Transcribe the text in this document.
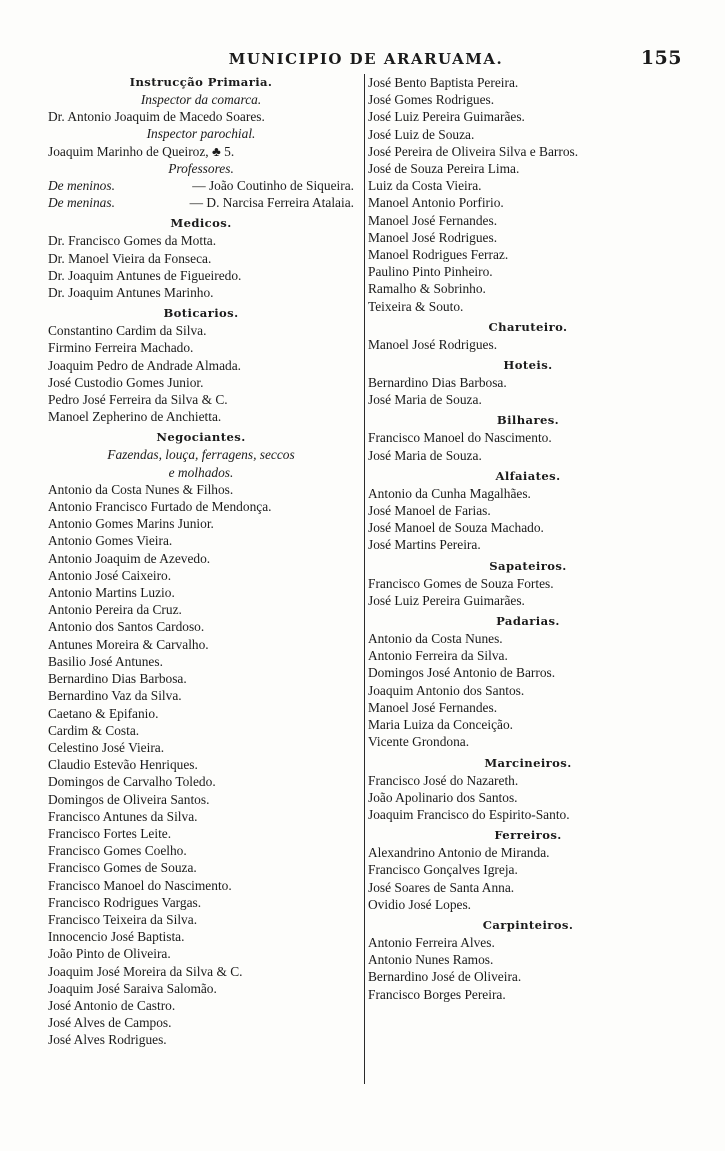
MUNICIPIO DE ARARUAMA.	155
Instrucção Primaria.
Inspector da comarca.
Dr. Antonio Joaquim de Macedo Soares.
Inspector parochial.
Joaquim Marinho de Queiroz, ♣ 5.
Professores.
De meninos.	— João Coutinho de Siqueira.
De meninas.	— D. Narcisa Ferreira Atalaia.
Medicos.
Dr. Francisco Gomes da Motta.
Dr. Manoel Vieira da Fonseca.
Dr. Joaquim Antunes de Figueiredo.
Dr. Joaquim Antunes Marinho.
Boticarios.
Constantino Cardim da Silva.
Firmino Ferreira Machado.
Joaquim Pedro de Andrade Almada.
José Custodio Gomes Junior.
Pedro José Ferreira da Silva & C.
Manoel Zepherino de Anchietta.
Negociantes.
Fazendas, louça, ferragens, seccos
e molhados.
Antonio da Costa Nunes & Filhos.
Antonio Francisco Furtado de Mendonça.
Antonio Gomes Marins Junior.
Antonio Gomes Vieira.
Antonio Joaquim de Azevedo.
Antonio José Caixeiro.
Antonio Martins Luzio.
Antonio Pereira da Cruz.
Antonio dos Santos Cardoso.
Antunes Moreira & Carvalho.
Basilio José Antunes.
Bernardino Dias Barbosa.
Bernardino Vaz da Silva.
Caetano & Epifanio.
Cardim & Costa.
Celestino José Vieira.
Claudio Estevão Henriques.
Domingos de Carvalho Toledo.
Domingos de Oliveira Santos.
Francisco Antunes da Silva.
Francisco Fortes Leite.
Francisco Gomes Coelho.
Francisco Gomes de Souza.
Francisco Manoel do Nascimento.
Francisco Rodrigues Vargas.
Francisco Teixeira da Silva.
Innocencio José Baptista.
João Pinto de Oliveira.
Joaquim José Moreira da Silva & C.
Joaquim José Saraiva Salomão.
José Antonio de Castro.
José Alves de Campos.
José Alves Rodrigues.
José Bento Baptista Pereira.
José Gomes Rodrigues.
José Luiz Pereira Guimarães.
José Luiz de Souza.
José Pereira de Oliveira Silva e Barros.
José de Souza Pereira Lima.
Luiz da Costa Vieira.
Manoel Antonio Porfirio.
Manoel José Fernandes.
Manoel José Rodrigues.
Manoel Rodrigues Ferraz.
Paulino Pinto Pinheiro.
Ramalho & Sobrinho.
Teixeira & Souto.
Charuteiro.
Manoel José Rodrigues.
Hoteis.
Bernardino Dias Barbosa.
José Maria de Souza.
Bilhares.
Francisco Manoel do Nascimento.
José Maria de Souza.
Alfaiates.
Antonio da Cunha Magalhães.
José Manoel de Farias.
José Manoel de Souza Machado.
José Martins Pereira.
Sapateiros.
Francisco Gomes de Souza Fortes.
José Luiz Pereira Guimarães.
Padarias.
Antonio da Costa Nunes.
Antonio Ferreira da Silva.
Domingos José Antonio de Barros.
Joaquim Antonio dos Santos.
Manoel José Fernandes.
Maria Luiza da Conceição.
Vicente Grondona.
Marcineiros.
Francisco José do Nazareth.
João Apolinario dos Santos.
Joaquim Francisco do Espirito-Santo.
Ferreiros.
Alexandrino Antonio de Miranda.
Francisco Gonçalves Igreja.
José Soares de Santa Anna.
Ovidio José Lopes.
Carpinteiros.
Antonio Ferreira Alves.
Antonio Nunes Ramos.
Bernardino José de Oliveira.
Francisco Borges Pereira.
